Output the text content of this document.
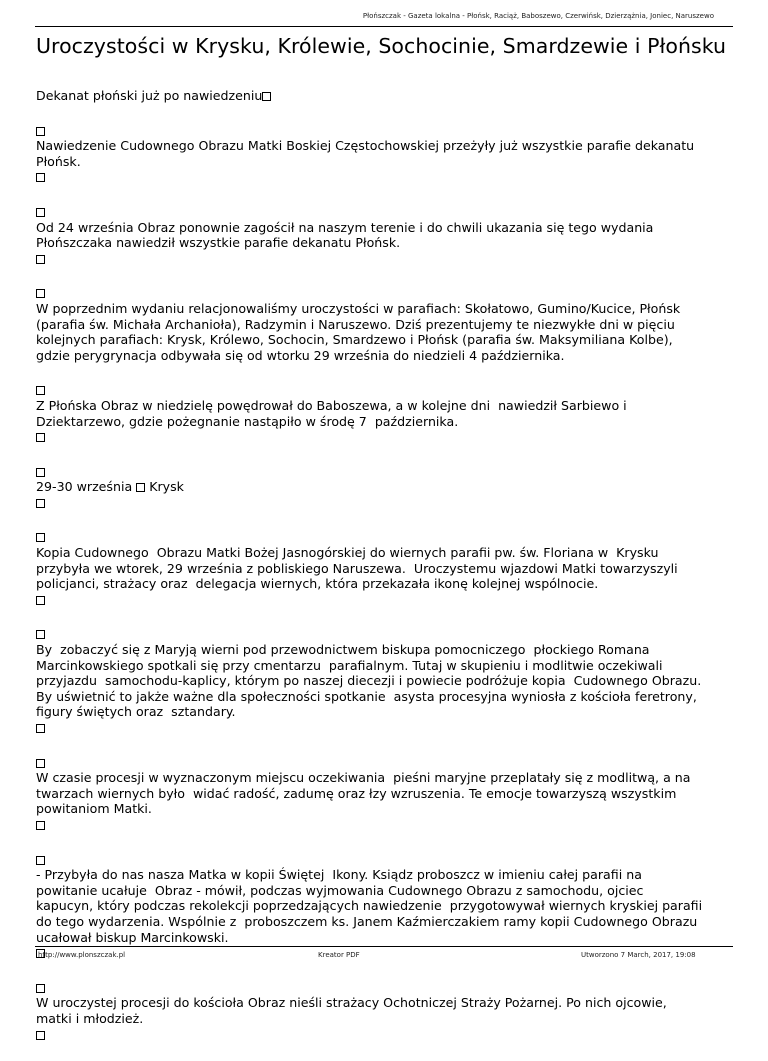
Płońszczak - Gazeta lokalna - Płońsk, Raciąż, Baboszewo, Czerwińsk, Dzierzążnia, Joniec, Naruszewo
Uroczystości w Krysku, Królewie, Sochocinie, Smardzewie i Płońsku
Dekanat płoński już po nawiedzeniu
Nawiedzenie Cudownego Obrazu Matki Boskiej Częstochowskiej przeżyły już wszystkie parafie dekanatu
Płońsk.
Od 24 września Obraz ponownie zagościł na naszym terenie i do chwili ukazania się tego wydania
Płońszczaka nawiedził wszystkie parafie dekanatu Płońsk.
W poprzednim wydaniu relacjonowaliśmy uroczystości w parafiach: Skołatowo, Gumino/Kucice, Płońsk
(parafia św. Michała Archanioła), Radzymin i Naruszewo. Dziś prezentujemy te niezwykłe dni w pięciu
kolejnych parafiach: Krysk, Królewo, Sochocin, Smardzewo i Płońsk (parafia św. Maksymiliana Kolbe),
gdzie perygrynacja odbywała się od wtorku 29 września do niedzieli 4 października.
Z Płońska Obraz w niedzielę powędrował do Baboszewa, a w kolejne dni  nawiedził Sarbiewo i
Dziektarzewo, gdzie pożegnanie nastąpiło w środę 7  października.
29-30 września  Krysk
Kopia Cudownego  Obrazu Matki Bożej Jasnogórskiej do wiernych parafii pw. św. Floriana w  Krysku
przybyła we wtorek, 29 września z pobliskiego Naruszewa.  Uroczystemu wjazdowi Matki towarzyszyli
policjanci, strażacy oraz  delegacja wiernych, która przekazała ikonę kolejnej wspólnocie.
By  zobaczyć się z Maryją wierni pod przewodnictwem biskupa pomocniczego  płockiego Romana
Marcinkowskiego spotkali się przy cmentarzu  parafialnym. Tutaj w skupieniu i modlitwie oczekiwali
przyjazdu  samochodu-kaplicy, którym po naszej diecezji i powiecie podróżuje kopia  Cudownego Obrazu.
By uświetnić to jakże ważne dla społeczności spotkanie  asysta procesyjna wyniosła z kościoła feretrony,
figury świętych oraz  sztandary.
W czasie procesji w wyznaczonym miejscu oczekiwania  pieśni maryjne przeplatały się z modlitwą, a na
twarzach wiernych było  widać radość, zadumę oraz łzy wzruszenia. Te emocje towarzyszą wszystkim
powitaniom Matki.
- Przybyła do nas nasza Matka w kopii Świętej  Ikony. Ksiądz proboszcz w imieniu całej parafii na
powitanie ucałuje  Obraz - mówił, podczas wyjmowania Cudownego Obrazu z samochodu, ojciec
kapucyn, który podczas rekolekcji poprzedzających nawiedzenie  przygotowywał wiernych kryskiej parafii
do tego wydarzenia. Wspólnie z  proboszczem ks. Janem Kaźmierczakiem ramy kopii Cudownego Obrazu
ucałował biskup Marcinkowski.
W uroczystej procesji do kościoła Obraz nieśli strażacy Ochotniczej Straży Pożarnej. Po nich ojcowie,
matki i młodzież.
http://www.plonszczak.pl	Kreator PDF	Utworzono 7 March, 2017, 19:08
